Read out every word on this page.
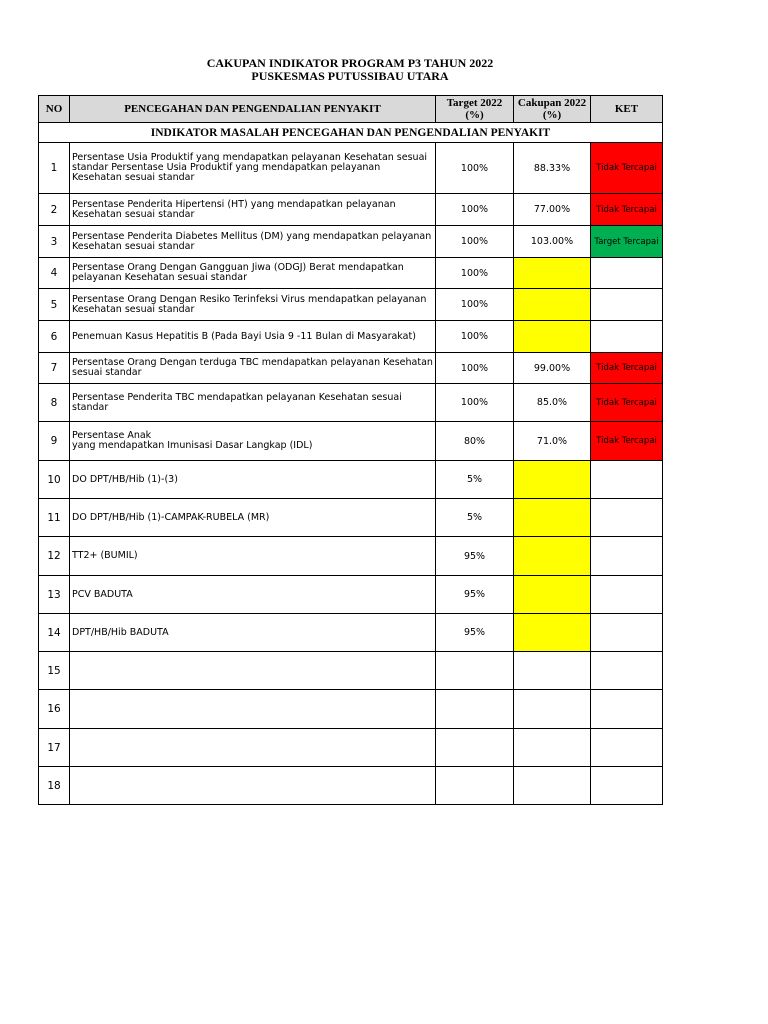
CAKUPAN INDIKATOR PROGRAM P3 TAHUN 2022
PUSKESMAS PUTUSSIBAU UTARA
NO	PENCEGAHAN DAN PENGENDALIAN PENYAKIT	Target 2022 (%)	Cakupan 2022 (%)	KET
INDIKATOR MASALAH PENCEGAHAN DAN PENGENDALIAN PENYAKIT				
1	Persentase Usia Produktif yang mendapatkan pelayanan Kesehatan sesuai standar Persentase Usia Produktif yang mendapatkan pelayanan Kesehatan sesuai standar	100%	88.33%	Tidak Tercapai
2	Persentase Penderita Hipertensi (HT) yang mendapatkan pelayanan Kesehatan sesuai standar	100%	77.00%	Tidak Tercapai
3	Persentase Penderita Diabetes Mellitus (DM) yang mendapatkan pelayanan Kesehatan sesuai standar	100%	103.00%	Target Tercapai
4	Persentase Orang Dengan Gangguan Jiwa (ODGJ) Berat mendapatkan pelayanan Kesehatan sesuai standar	100%		
5	Persentase Orang Dengan Resiko Terinfeksi Virus mendapatkan pelayanan Kesehatan sesuai standar	100%		
6	Penemuan Kasus Hepatitis B (Pada Bayi Usia 9 -11 Bulan di Masyarakat)	100%		
7	Persentase Orang Dengan terduga TBC mendapatkan pelayanan Kesehatan sesuai standar	100%	99.00%	Tidak Tercapai
8	Persentase Penderita TBC mendapatkan pelayanan Kesehatan sesuai standar	100%	85.0%	Tidak Tercapai
9	Persentase Anak
yang mendapatkan Imunisasi Dasar Langkap (IDL)	80%	71.0%	Tidak Tercapai
10	DO DPT/HB/Hib (1)-(3)	5%		
11	DO DPT/HB/Hib (1)-CAMPAK-RUBELA (MR)	5%		
12	TT2+ (BUMIL)	95%		
13	PCV BADUTA	95%		
14	DPT/HB/Hib BADUTA	95%		
15				
16				
17				
18				
